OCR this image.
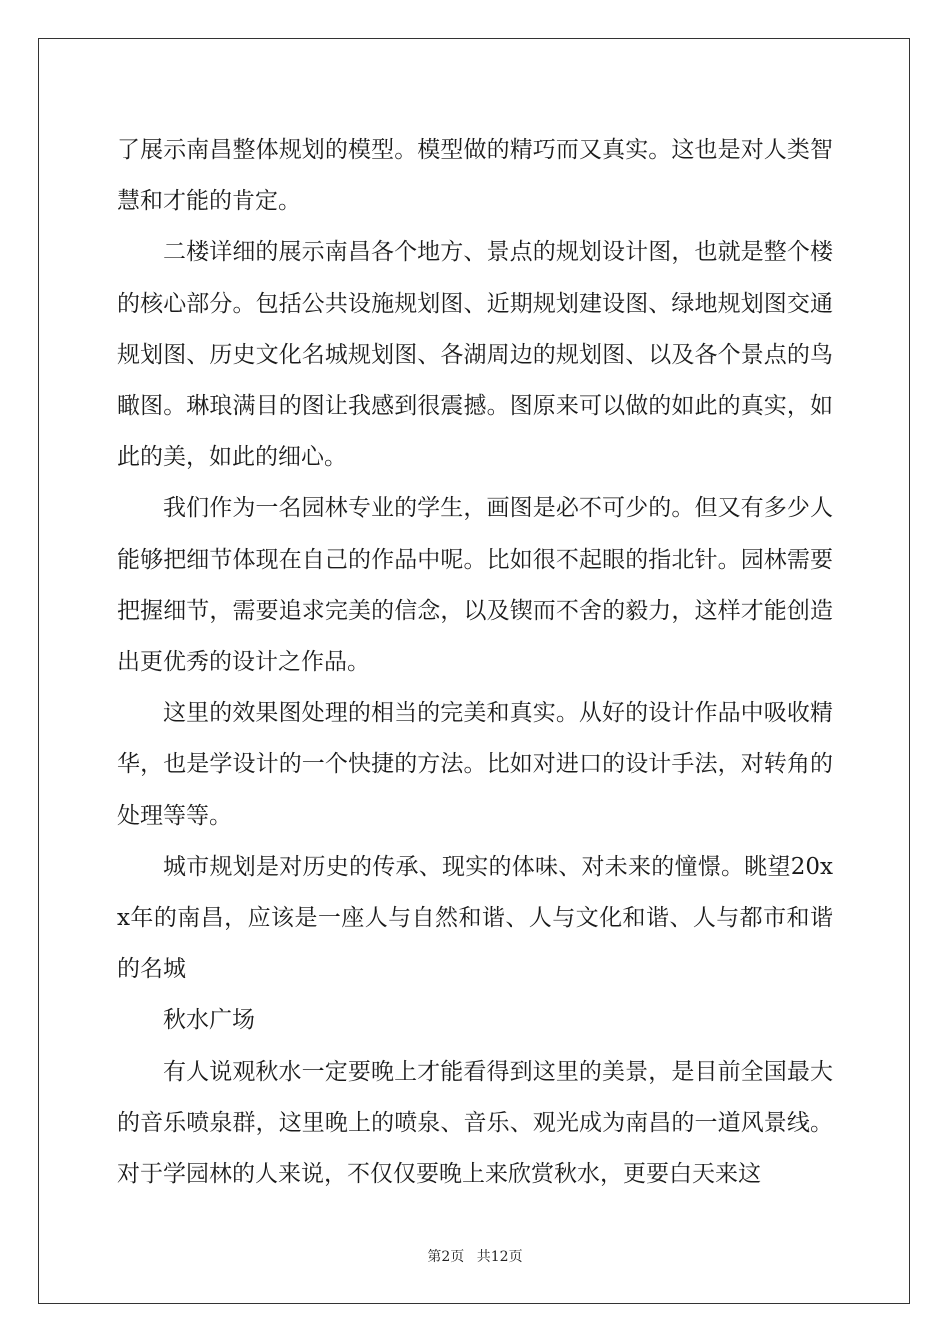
了展示南昌整体规划的模型。模型做的精巧而又真实。这也是对人类智慧和才能的肯定。

二楼详细的展示南昌各个地方、景点的规划设计图，也就是整个楼的核心部分。包括公共设施规划图、近期规划建设图、绿地规划图交通规划图、历史文化名城规划图、各湖周边的规划图、以及各个景点的鸟瞰图。琳琅满目的图让我感到很震撼。图原来可以做的如此的真实，如此的美，如此的细心。

我们作为一名园林专业的学生，画图是必不可少的。但又有多少人能够把细节体现在自己的作品中呢。比如很不起眼的指北针。园林需要把握细节，需要追求完美的信念，以及锲而不舍的毅力，这样才能创造出更优秀的设计之作品。

这里的效果图处理的相当的完美和真实。从好的设计作品中吸收精华，也是学设计的一个快捷的方法。比如对进口的设计手法，对转角的处理等等。

城市规划是对历史的传承、现实的体味、对未来的憧憬。眺望20xx年的南昌，应该是一座人与自然和谐、人与文化和谐、人与都市和谐的名城

秋水广场

有人说观秋水一定要晚上才能看得到这里的美景，是目前全国最大的音乐喷泉群，这里晚上的喷泉、音乐、观光成为南昌的一道风景线。对于学园林的人来说，不仅仅要晚上来欣赏秋水，更要白天来这

第2页 共12页
